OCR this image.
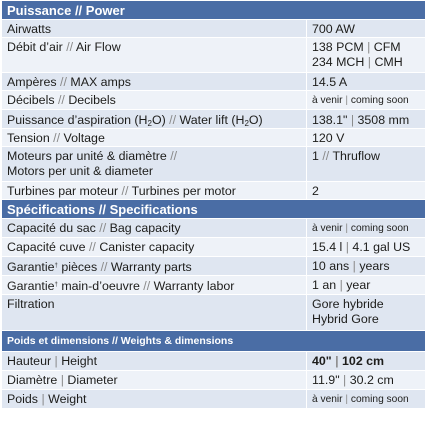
Puissance // Power
Airwatts	700 AW
Débit d’air // Air Flow	138 PCM | CFM
234 MCH | CMH
Ampères // MAX amps	14.5 A
Décibels // Decibels	à venir | coming soon
Puissance d’aspiration $(H_2O)$ // Water lift $(H_2O)$	138.1" | 3508 mm
Tension // Voltage	120 V
Moteurs par unité & diamètre //
Motors per unit & diameter
1 // Thruflow
Turbines par moteur // Turbines per motor	2
Spécifications // Specifications
Capacité du sac // Bag capacity	à venir | coming soon
Capacité cuve // Canister capacity	15.4 l | 4.1 gal US
Garantie† pièces // Warranty parts	10 ans | years
Garantie† main-d’oeuvre // Warranty labor	1 an | year
Filtration	Gore hybride
Hybrid Gore
Poids et dimensions // Weights & dimensions
Hauteur | Height	40" | 102 cm
Diamètre | Diameter	11.9" | 30.2 cm
Poids | Weight	à venir | coming soon
